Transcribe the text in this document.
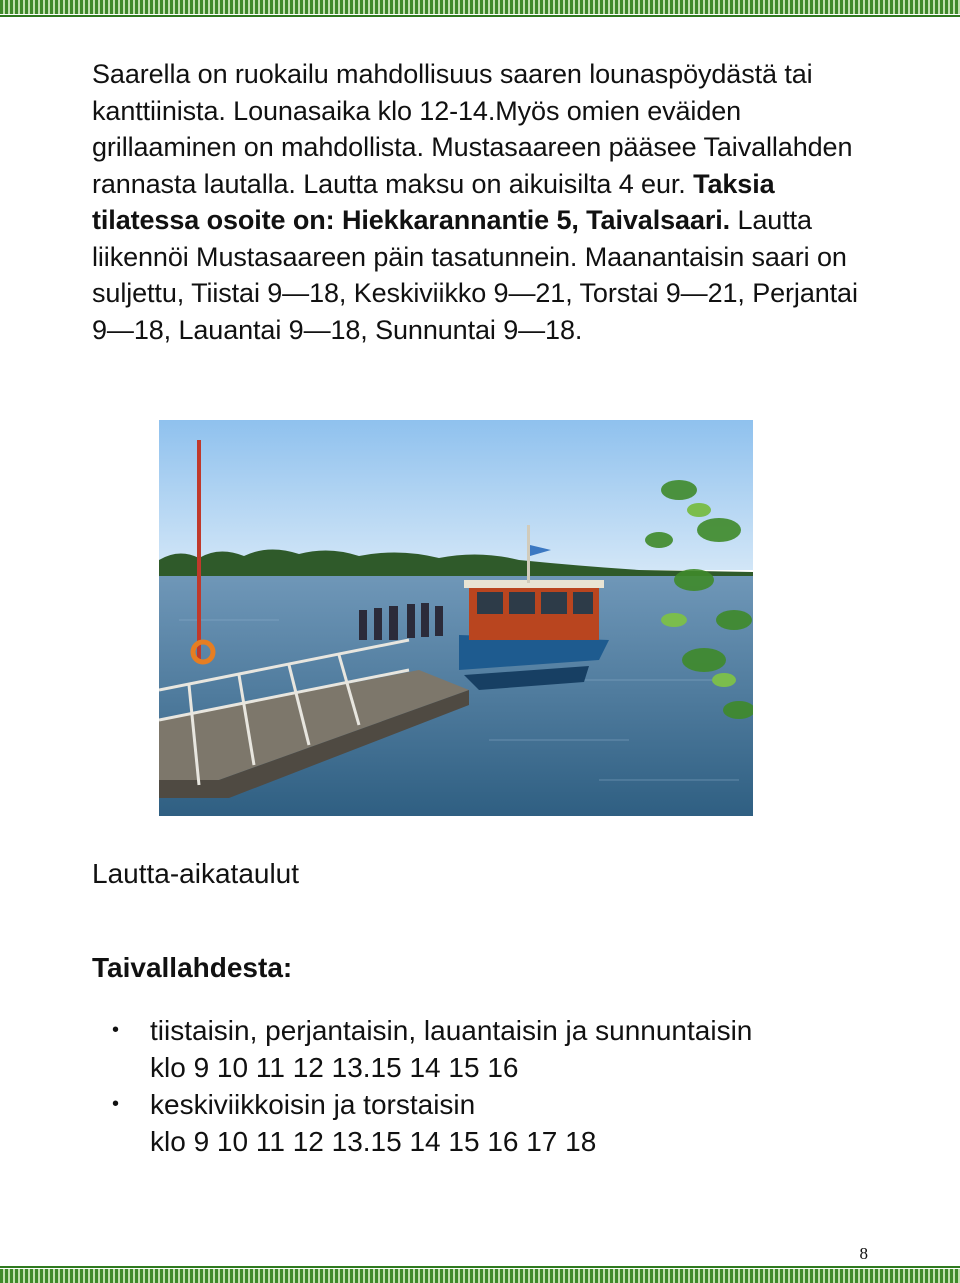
Saarella on ruokailu mahdollisuus saaren lounaspöydästä tai kanttiinista. Lounasaika klo 12-14.Myös omien eväiden grillaaminen on mahdollista. Mustasaareen pääsee Taivallahden rannasta lautalla. Lautta maksu on aikuisilta 4 eur. Taksia tilatessa osoite on: Hiekkarannantie 5, Taivalsaari. Lautta liikennöi Mustasaareen päin tasatunnein. Maanantaisin saari on suljettu, Tiistai 9—18, Keskiviikko 9—21, Torstai 9—21, Perjantai 9—18, Lauantai 9—18, Sunnuntai 9—18.

Lautta-aikataulut
Taivallahdesta:
• tiistaisin, perjantaisin, lauantaisin ja sunnuntaisin
klo 9 10 11 12 13.15 14 15 16
• keskiviikkoisin ja torstaisin
klo 9 10 11 12 13.15 14 15 16 17 18
8
